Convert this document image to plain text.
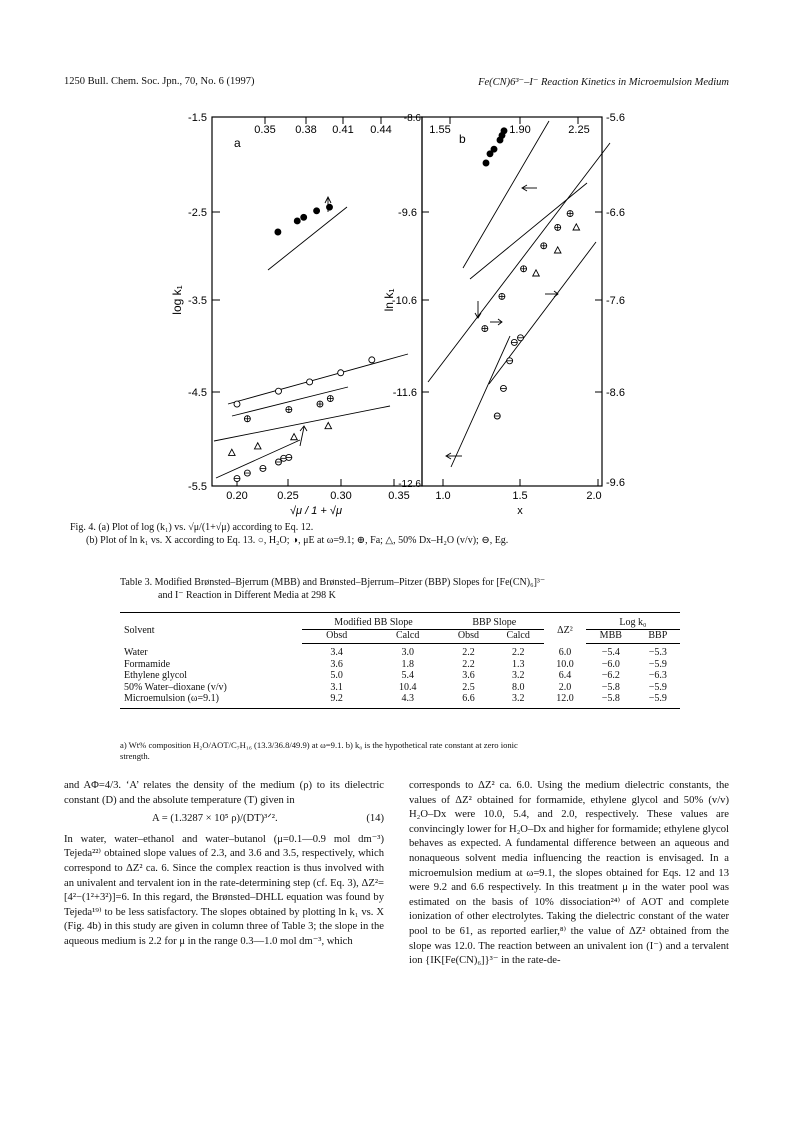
1250 Bull. Chem. Soc. Jpn., 70, No. 6 (1997)	Fe(CN)6³⁻–I⁻ Reaction Kinetics in Microemulsion Medium
-1.5
-2.5
-3.5
-4.5
-5.5
0.20	0.25	0.30	0.35
0.35 0.38 0.41 0.44
a
log k₁
√μ / 1 + √μ
-8.6
-9.6
-10.6
-11.6
-12.6
1.0	1.5	2.0
1.55	1.90	2.25
-5.6
-6.6
-7.6
-8.6
-9.6
b
ln k₁
x
Fig. 4. (a) Plot of log (k₁) vs. √μ/(1+√μ) according to Eq. 12.
(b) Plot of ln k₁ vs. X according to Eq. 13. ○, H₂O; ◑, μE at ω=9.1; ⊕, Fa; △, 50% Dx–H₂O (v/v); ⊖, Eg.
Table 3. Modified Brønsted–Bjerrum (MBB) and Brønsted–Bjerrum–Pitzer (BBP) Slopes for [Fe(CN)₆]³⁻
and I⁻ Reaction in Different Media at 298 K
Solvent	Modified BB Slope		BBP Slope		ΔZ²	Log k₀	
	Obsd	Calcd	Obsd	Calcd		MBB	BBP
Water	3.4	3.0	2.2	2.2	6.0	−5.4	−5.3
Formamide	3.6	1.8	2.2	1.3	10.0	−6.0	−5.9
Ethylene glycol	5.0	5.4	3.6	3.2	6.4	−6.2	−6.3
50% Water–dioxane (v/v)	3.1	10.4	2.5	8.0	2.0	−5.8	−5.9
Microemulsion (ω=9.1)	9.2	4.3	6.6	3.2	12.0	−5.8	−5.9
a) Wt% composition H₂O/AOT/C₇H₁₆ (13.3/36.8/49.9) at ω=9.1. b) k₀ is the hypothetical rate constant at zero ionic
strength.

and AΦ=4/3. ‘A’ relates the density of the medium (ρ) to its dielectric constant (D) and the absolute temperature (T) given in

A = (1.3287 × 10⁵ ρ)/(DT)³ᐟ².	(14)

In water, water–ethanol and water–butanol (μ=0.1—0.9 mol dm⁻³) Tejeda²²⁾ obtained slope values of 2.3, and 3.6 and 3.5, respectively, which correspond to ΔZ² ca. 6. Since the complex reaction is thus involved with an univalent and tervalent ion in the rate-determining step (cf. Eq. 3), ΔZ²=[4²−(1²+3²)]=6. In this regard, the Brønsted–DHLL equation was found by Tejeda¹⁹⁾ to be less satisfactory. The slopes obtained by plotting ln k₁ vs. X (Fig. 4b) in this study are given in column three of Table 3; the slope in the aqueous medium is 2.2 for μ in the range 0.3—1.0 mol dm⁻³, which

corresponds to ΔZ² ca. 6.0. Using the medium dielectric constants, the values of ΔZ² obtained for formamide, ethylene glycol and 50% (v/v) H₂O–Dx were 10.0, 5.4, and 2.0, respectively. These values are convincingly lower for H₂O–Dx and higher for formamide; ethylene glycol behaves as expected. A fundamental difference between an aqueous and nonaqueous solvent media influencing the reaction is envisaged. In a microemulsion medium at ω=9.1, the slopes obtained for Eqs. 12 and 13 were 9.2 and 6.6 respectively. In this treatment μ in the water pool was estimated on the basis of 10% dissociation²⁴⁾ of AOT and complete ionization of other electrolytes. Taking the dielectric constant of the water pool to be 61, as reported earlier,⁸⁾ the value of ΔZ² obtained from the slope was 12.0. The reaction between an univalent ion (I⁻) and a tervalent ion {IK[Fe(CN)₆]}³⁻ in the rate-de-
